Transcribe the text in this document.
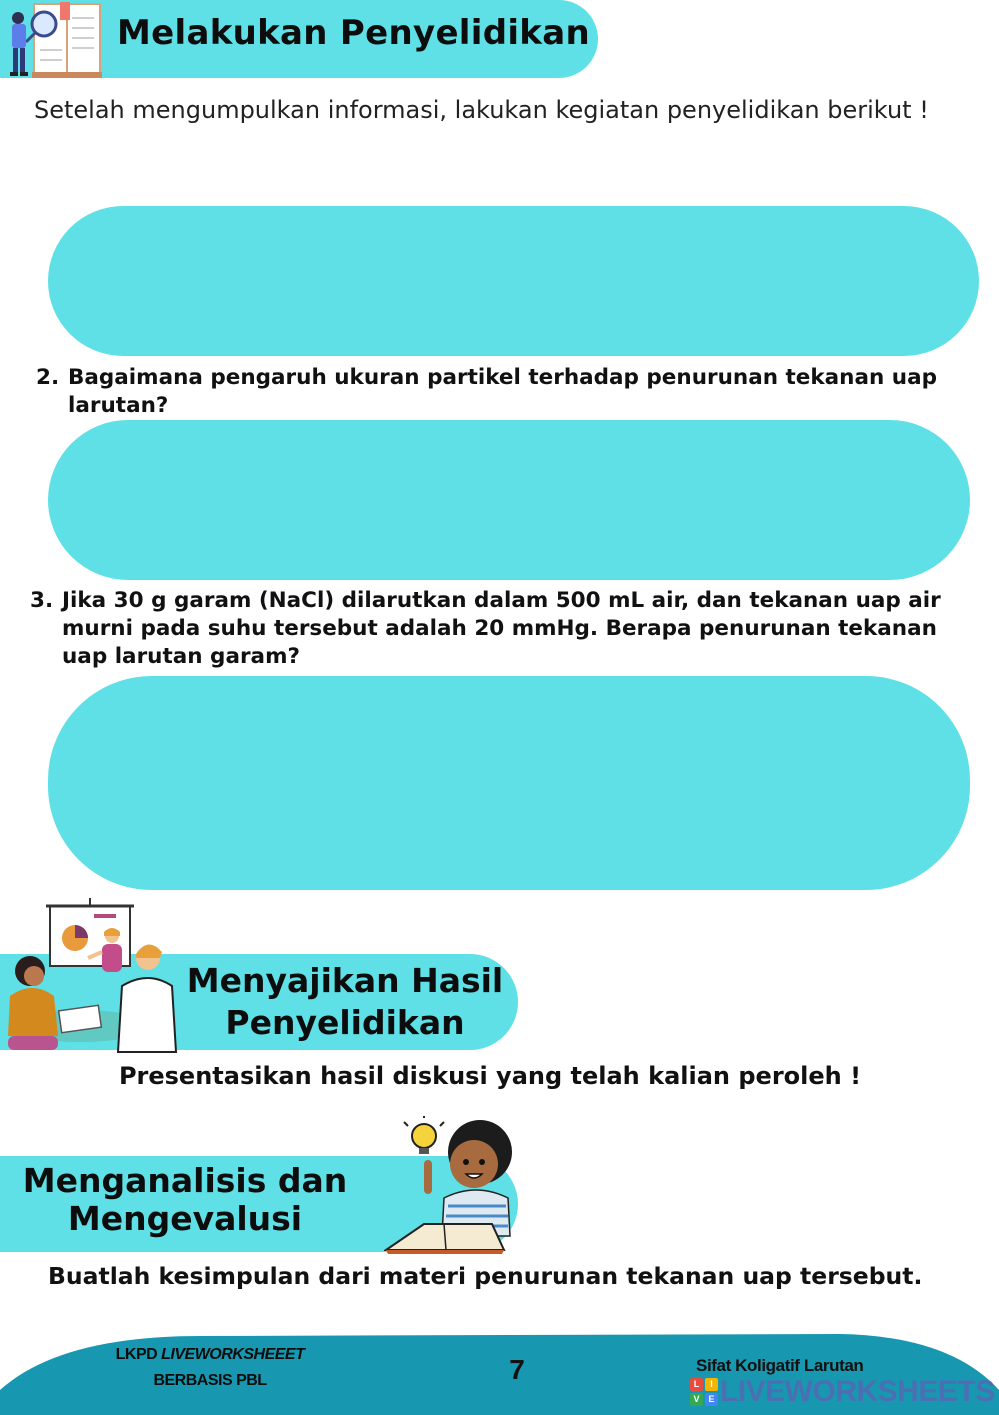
Melakukan Penyelidikan
Setelah mengumpulkan informasi, lakukan kegiatan penyelidikan berikut !
2. Bagaimana pengaruh ukuran partikel terhadap penurunan tekanan uap
larutan?
3. Jika 30 g garam (NaCl) dilarutkan dalam 500 mL air, dan tekanan uap air
murni pada suhu tersebut adalah 20 mmHg. Berapa penurunan tekanan
uap larutan garam?
Menyajikan Hasil
Penyelidikan
Presentasikan hasil diskusi yang telah kalian peroleh !
Menganalisis dan
Mengevalusi
Buatlah kesimpulan dari materi penurunan tekanan uap tersebut.
LKPD LIVEWORKSHEEET
BERBASIS PBL	7	Sifat Koligatif Larutan
L	I
V E LIVEWORKSHEETS
